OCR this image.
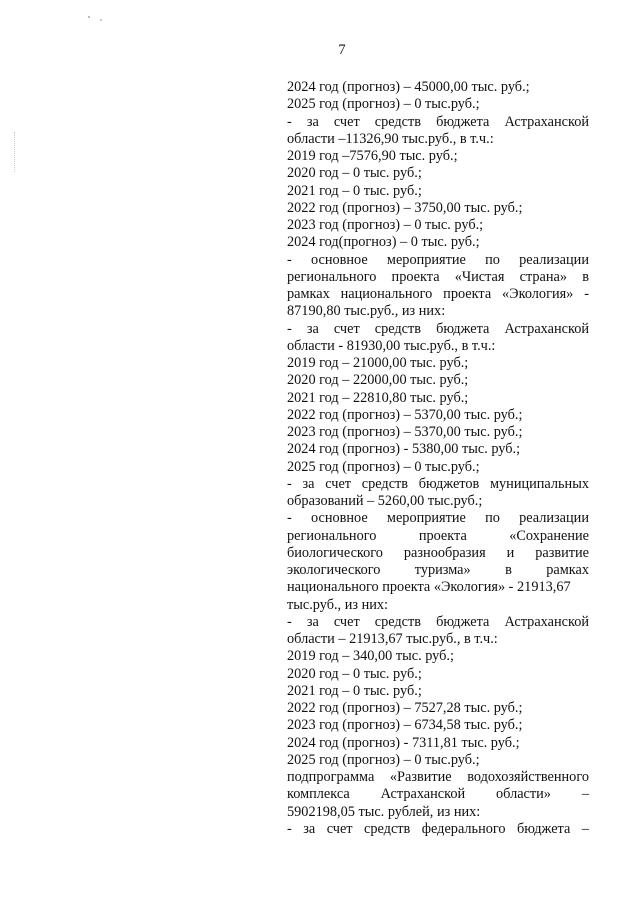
7
2024 год (прогноз) – 45000,00 тыс. руб.;
2025 год (прогноз) – 0 тыс.руб.;
- за счет средств бюджета Астраханской
области –11326,90 тыс.руб., в т.ч.:
2019 год –7576,90 тыс. руб.;
2020 год – 0 тыс. руб.;
2021 год – 0 тыс. руб.;
2022 год (прогноз) – 3750,00 тыс. руб.;
2023 год (прогноз) – 0 тыс. руб.;
2024 год(прогноз) – 0 тыс. руб.;
- основное мероприятие по реализации
регионального проекта «Чистая страна» в
рамках национального проекта «Экология» -
87190,80 тыс.руб., из них:
- за счет средств бюджета Астраханской
области - 81930,00 тыс.руб., в т.ч.:
2019 год – 21000,00 тыс. руб.;
2020 год – 22000,00 тыс. руб.;
2021 год – 22810,80 тыс. руб.;
2022 год (прогноз) – 5370,00 тыс. руб.;
2023 год (прогноз) – 5370,00 тыс. руб.;
2024 год (прогноз) - 5380,00 тыс. руб.;
2025 год (прогноз) – 0 тыс.руб.;
- за счет средств бюджетов муниципальных
образований – 5260,00 тыс.руб.;
- основное мероприятие по реализации
регионального	проекта	«Сохранение
биологического разнообразия и развитие
экологического туризма» в рамках
национального проекта «Экология» - 21913,67
тыс.руб., из них:
- за счет средств бюджета Астраханской
области – 21913,67 тыс.руб., в т.ч.:
2019 год – 340,00 тыс. руб.;
2020 год – 0 тыс. руб.;
2021 год – 0 тыс. руб.;
2022 год (прогноз) – 7527,28 тыс. руб.;
2023 год (прогноз) – 6734,58 тыс. руб.;
2024 год (прогноз) - 7311,81 тыс. руб.;
2025 год (прогноз) – 0 тыс.руб.;
подпрограмма «Развитие водохозяйственного
комплекса Астраханской области» –
5902198,05 тыс. рублей, из них:
- за счет средств федерального бюджета –
